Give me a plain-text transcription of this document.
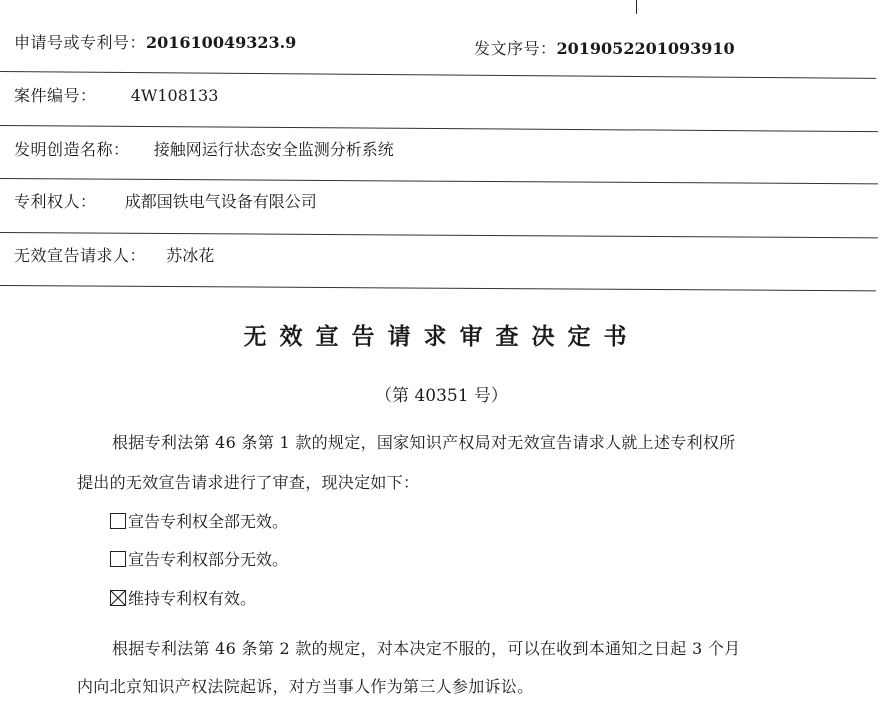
申请号或专利号：201610049323.9	发文序号：2019052201093910
案件编号： 4W108133
发明创造名称： 接触网运行状态安全监测分析系统
专利权人： 成都国铁电气设备有限公司
无效宣告请求人： 苏冰花
无效宣告请求审查决定书
（第 40351 号）
根据专利法第 46 条第 1 款的规定，国家知识产权局对无效宣告请求人就上述专利权所
提出的无效宣告请求进行了审查，现决定如下：
宣告专利权全部无效。
宣告专利权部分无效。
维持专利权有效。
根据专利法第 46 条第 2 款的规定，对本决定不服的，可以在收到本通知之日起 3 个月
内向北京知识产权法院起诉，对方当事人作为第三人参加诉讼。
